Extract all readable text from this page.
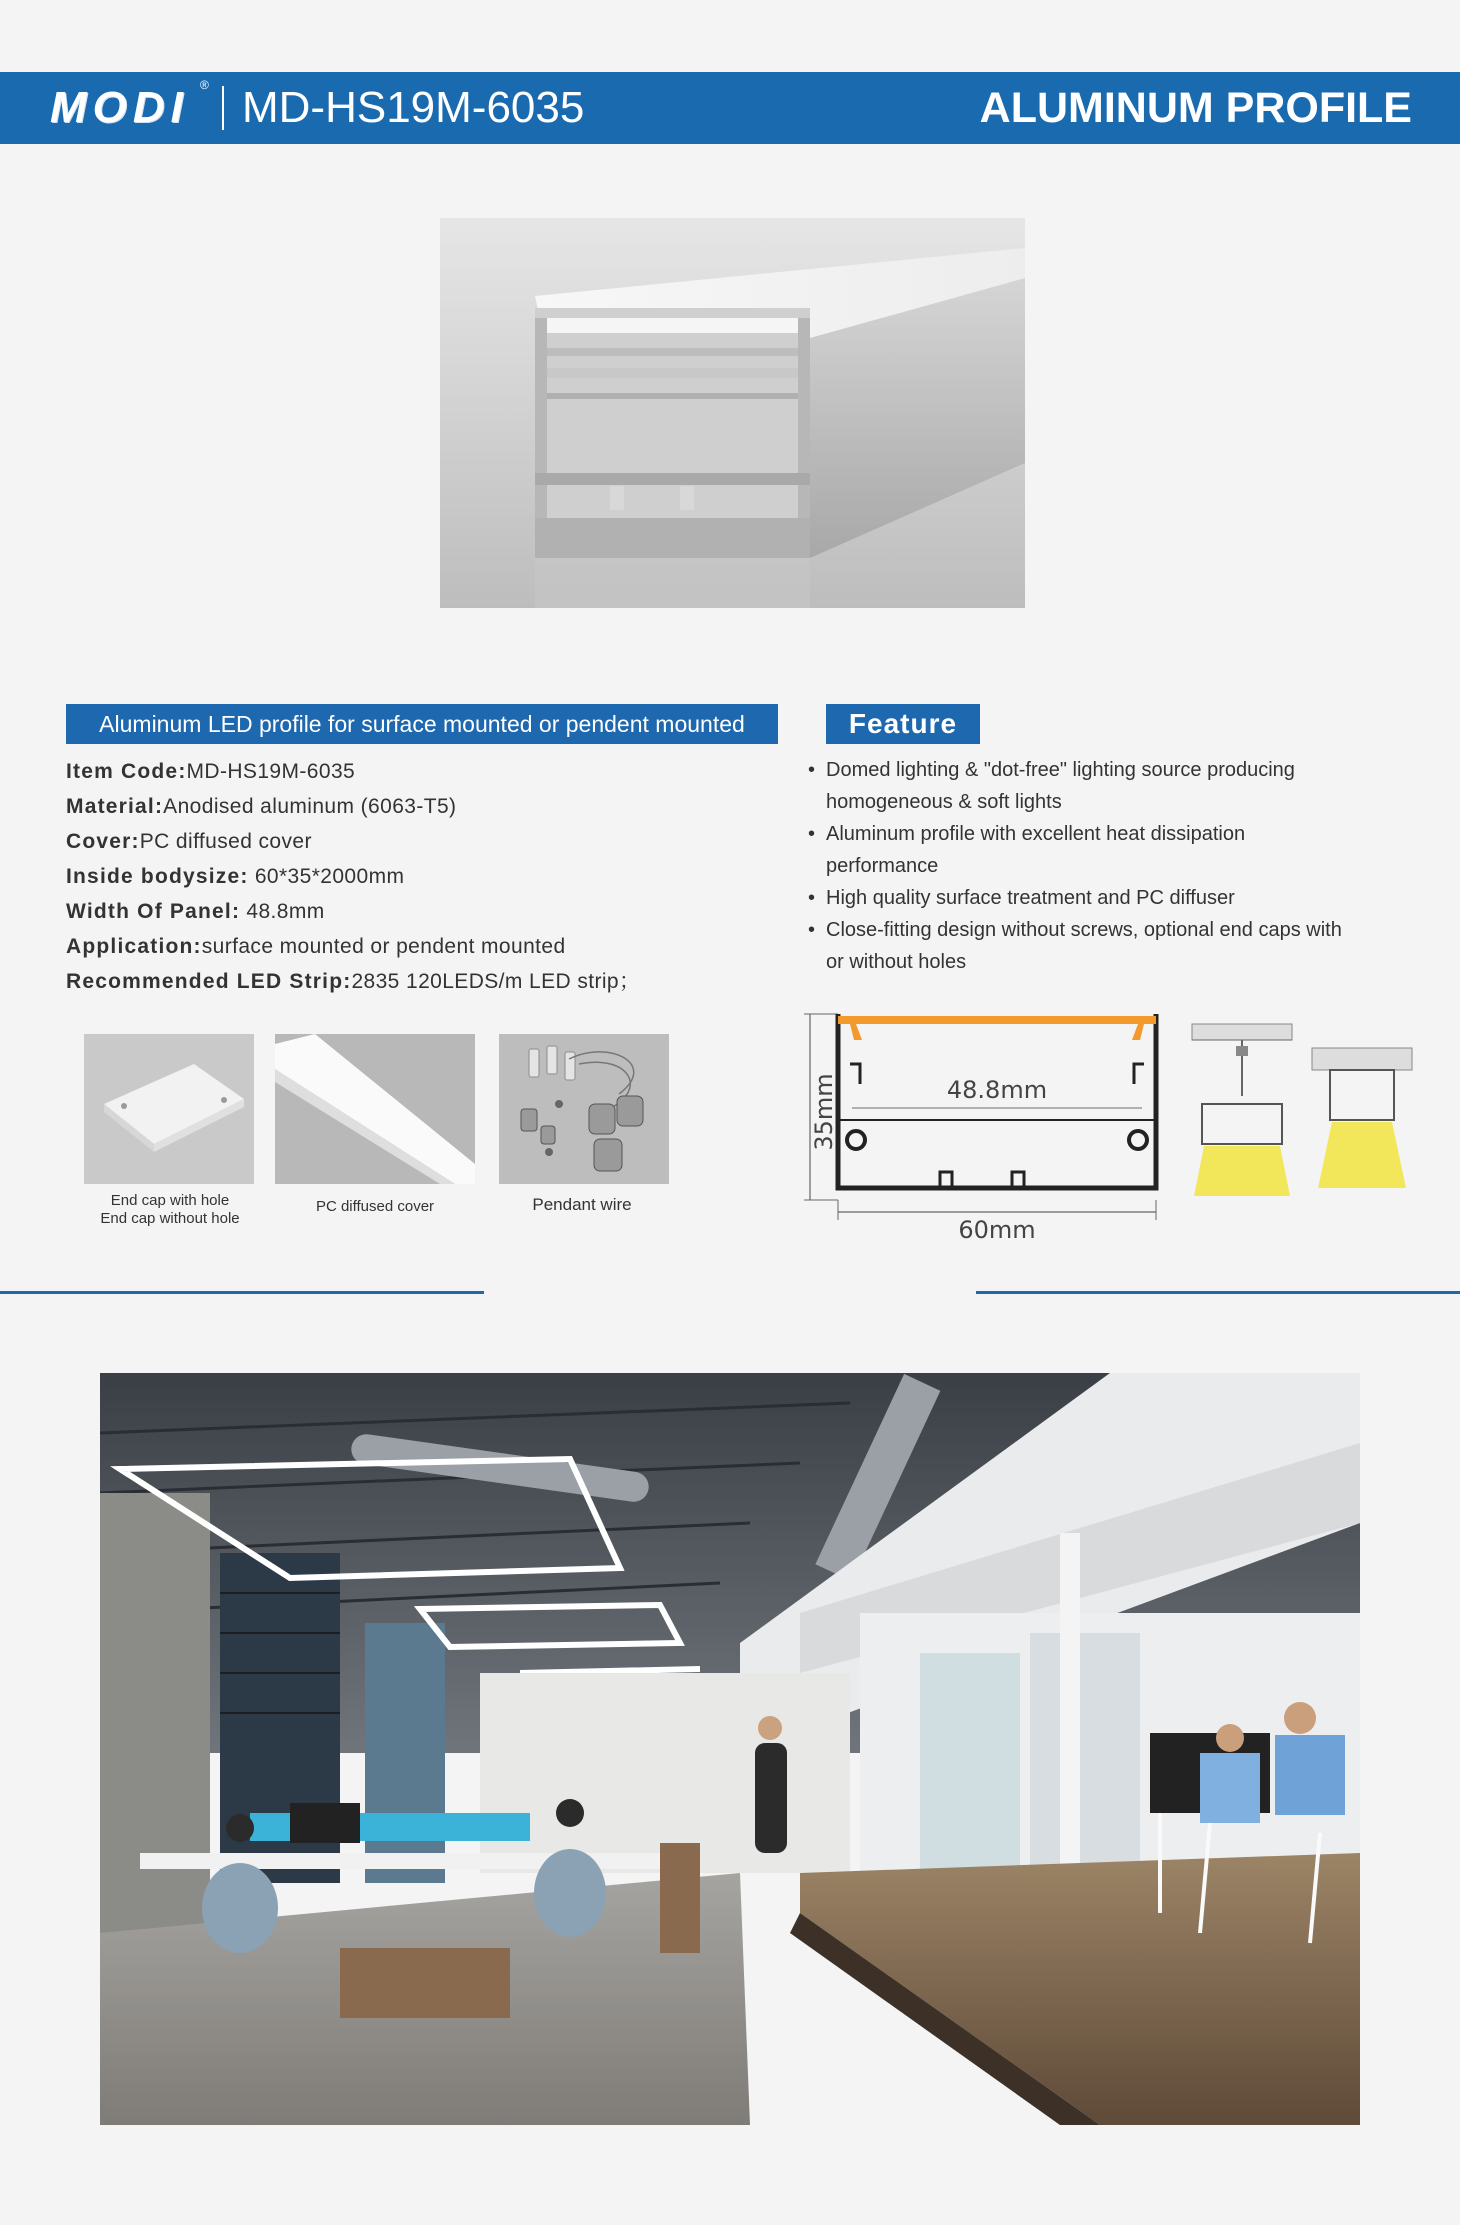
MODI ® MD-HS19M-6035	ALUMINUM PROFILE
Aluminum LED profile for surface mounted or pendent mounted
Item Code:MD-HS19M-6035
Material:Anodised aluminum (6063-T5)
Cover:PC diffused cover
Inside bodysize: 60*35*2000mm
Width Of Panel: 48.8mm
Application:surface mounted or pendent mounted
Recommended LED Strip:2835 120LEDS/m LED strip；
End cap with hole
End cap without hole
PC diffused cover	Pendant wire
Feature
• Domed lighting & "dot-free" lighting source producing homogeneous & soft lights
• Aluminum profile with excellent heat dissipation performance
• High quality surface treatment and PC diffuser
• Close-fitting design without screws, optional end caps with or without holes
35mm	48.8mm
60mm
